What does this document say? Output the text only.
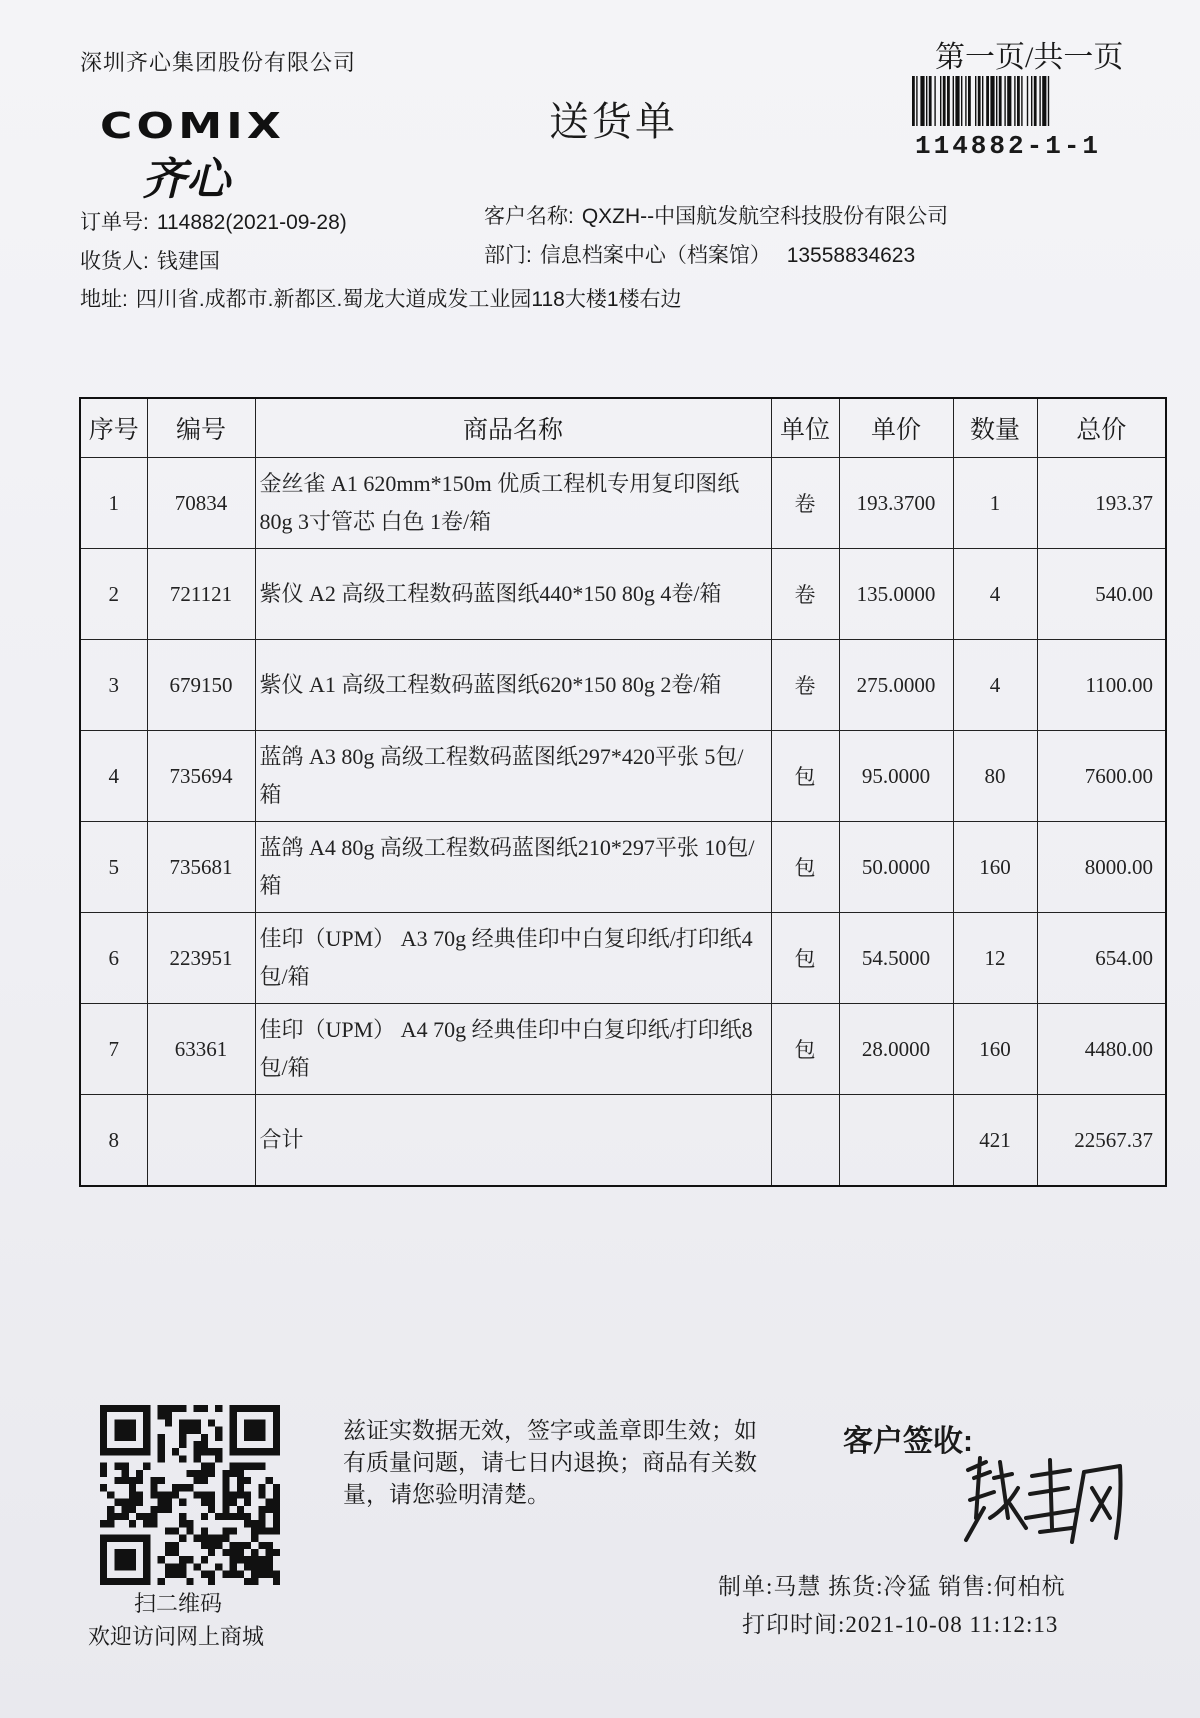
深圳齐心集团股份有限公司	第一页/共一页
114882-1-1
COMIX
齐心
送货单
订单号: 114882(2021-09-28)	客户名称: QXZH--中国航发航空科技股份有限公司
收货人: 钱建国	部门: 信息档案中心（档案馆） 13558834623
地址: 四川省.成都市.新都区.蜀龙大道成发工业园118大楼1楼右边
序号	编号	商品名称	单位	单价	数量	总价
1	70834	金丝雀 A1 620mm*150m 优质工程机专用复印图纸 80g 3寸管芯 白色 1卷/箱	卷	193.3700	1	193.37
2	721121	紫仪 A2 高级工程数码蓝图纸440*150 80g 4卷/箱	卷	135.0000	4	540.00
3	679150	紫仪 A1 高级工程数码蓝图纸620*150 80g 2卷/箱	卷	275.0000	4	1100.00
4	735694	蓝鸽 A3 80g 高级工程数码蓝图纸297*420平张 5包/箱	包	95.0000	80	7600.00
5	735681	蓝鸽 A4 80g 高级工程数码蓝图纸210*297平张 10包/箱	包	50.0000	160	8000.00
6	223951	佳印（UPM） A3 70g 经典佳印中白复印纸/打印纸4包/箱	包	54.5000	12	654.00
7	63361	佳印（UPM） A4 70g 经典佳印中白复印纸/打印纸8包/箱	包	28.0000	160	4480.00
8		合计			421	22567.37
扫二维码
欢迎访问网上商城
兹证实数据无效，签字或盖章即生效；如有质量问题，请七日内退换；商品有关数量，请您验明清楚。
客户签收:
制单:马慧 拣货:冷猛 销售:何柏杭
打印时间:2021-10-08 11:12:13
